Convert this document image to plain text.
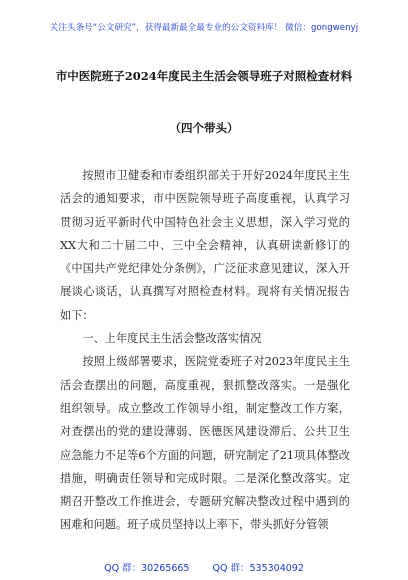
关注头条号“公文研究”，获得最新最全最专业的公文资料库！ 微信：gongwenyj
市中医院班子2024年度民主生活会领导班子对照检查材料
（四个带头）

按照市卫健委和市委组织部关于开好2024年度民主生活会的通知要求，市中医院领导班子高度重视，认真学习贯彻习近平新时代中国特色社会主义思想，深入学习党的XX大和二十届二中、三中全会精神，认真研读新修订的《中国共产党纪律处分条例》，广泛征求意见建议，深入开展谈心谈话，认真撰写对照检查材料。现将有关情况报告如下：

一、上年度民主生活会整改落实情况

按照上级部署要求，医院党委班子对2023年度民主生活会查摆出的问题，高度重视，狠抓整改落实。一是强化组织领导。成立整改工作领导小组，制定整改工作方案，对查摆出的党的建设薄弱、医德医风建设滞后、公共卫生应急能力不足等6个方面的问题，研究制定了21项具体整改措施，明确责任领导和完成时限。二是深化整改落实。定期召开整改工作推进会，专题研究解决整改过程中遇到的困难和问题。班子成员坚持以上率下，带头抓好分管领

QQ 群：30265665 QQ 群：535304092
